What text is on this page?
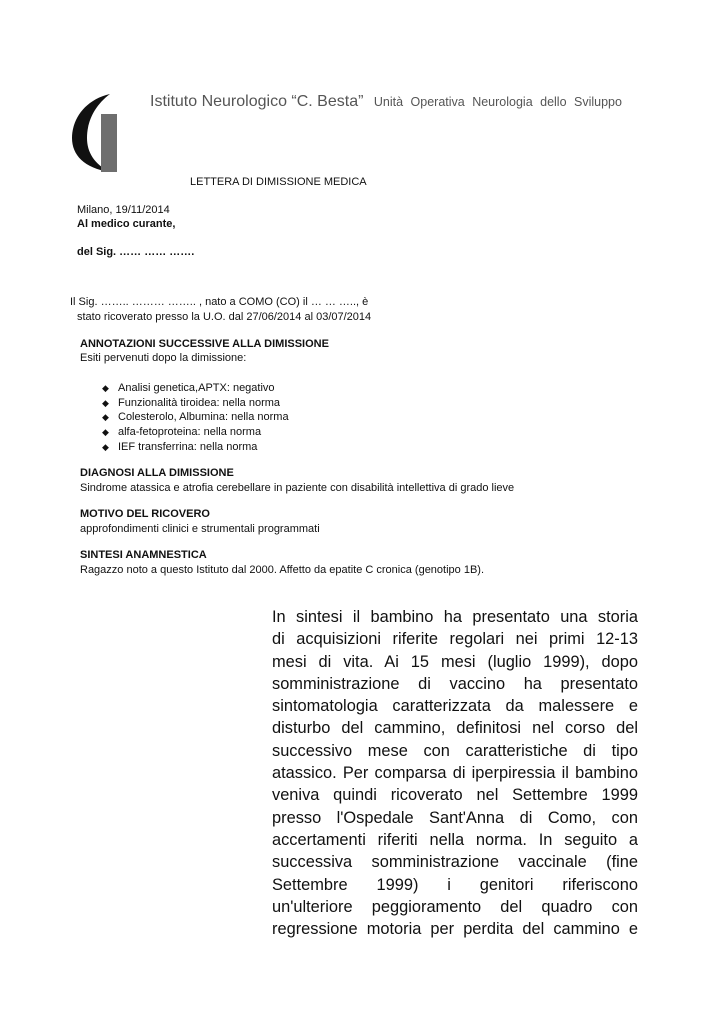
Istituto Neurologico “C. Besta” Unità Operativa Neurologia dello Sviluppo
LETTERA DI DIMISSIONE MEDICA
Milano, 19/11/2014
Al medico curante,
del Sig. …… …… …….
Il Sig. …….. ……… …….. , nato a COMO (CO) il … … ….., è
stato ricoverato presso la U.O. dal 27/06/2014 al 03/07/2014
ANNOTAZIONI SUCCESSIVE ALLA DIMISSIONE
Esiti pervenuti dopo la dimissione:
◆ Analisi genetica,APTX: negativo
◆ Funzionalità tiroidea: nella norma
◆ Colesterolo, Albumina: nella norma
◆ alfa-fetoproteina: nella norma
◆ IEF transferrina: nella norma
DIAGNOSI ALLA DIMISSIONE
Sindrome atassica e atrofia cerebellare in paziente con disabilità intellettiva di grado lieve
MOTIVO DEL RICOVERO
approfondimenti clinici e strumentali programmati
SINTESI ANAMNESTICA
Ragazzo noto a questo Istituto dal 2000. Affetto da epatite C cronica (genotipo 1B).
In sintesi il bambino ha presentato una storia
di acquisizioni riferite regolari nei primi 12-13
mesi di vita. Ai 15 mesi (luglio 1999), dopo
somministrazione di vaccino ha presentato
sintomatologia caratterizzata da malessere e
disturbo del cammino, definitosi nel corso del
successivo mese con caratteristiche di tipo
atassico. Per comparsa di iperpiressia il bambino
veniva quindi ricoverato nel Settembre 1999
presso l'Ospedale Sant'Anna di Como, con
accertamenti riferiti nella norma. In seguito a
successiva somministrazione vaccinale (fine
Settembre 1999) i genitori riferiscono
un'ulteriore peggioramento del quadro con
regressione motoria per perdita del cammino e
